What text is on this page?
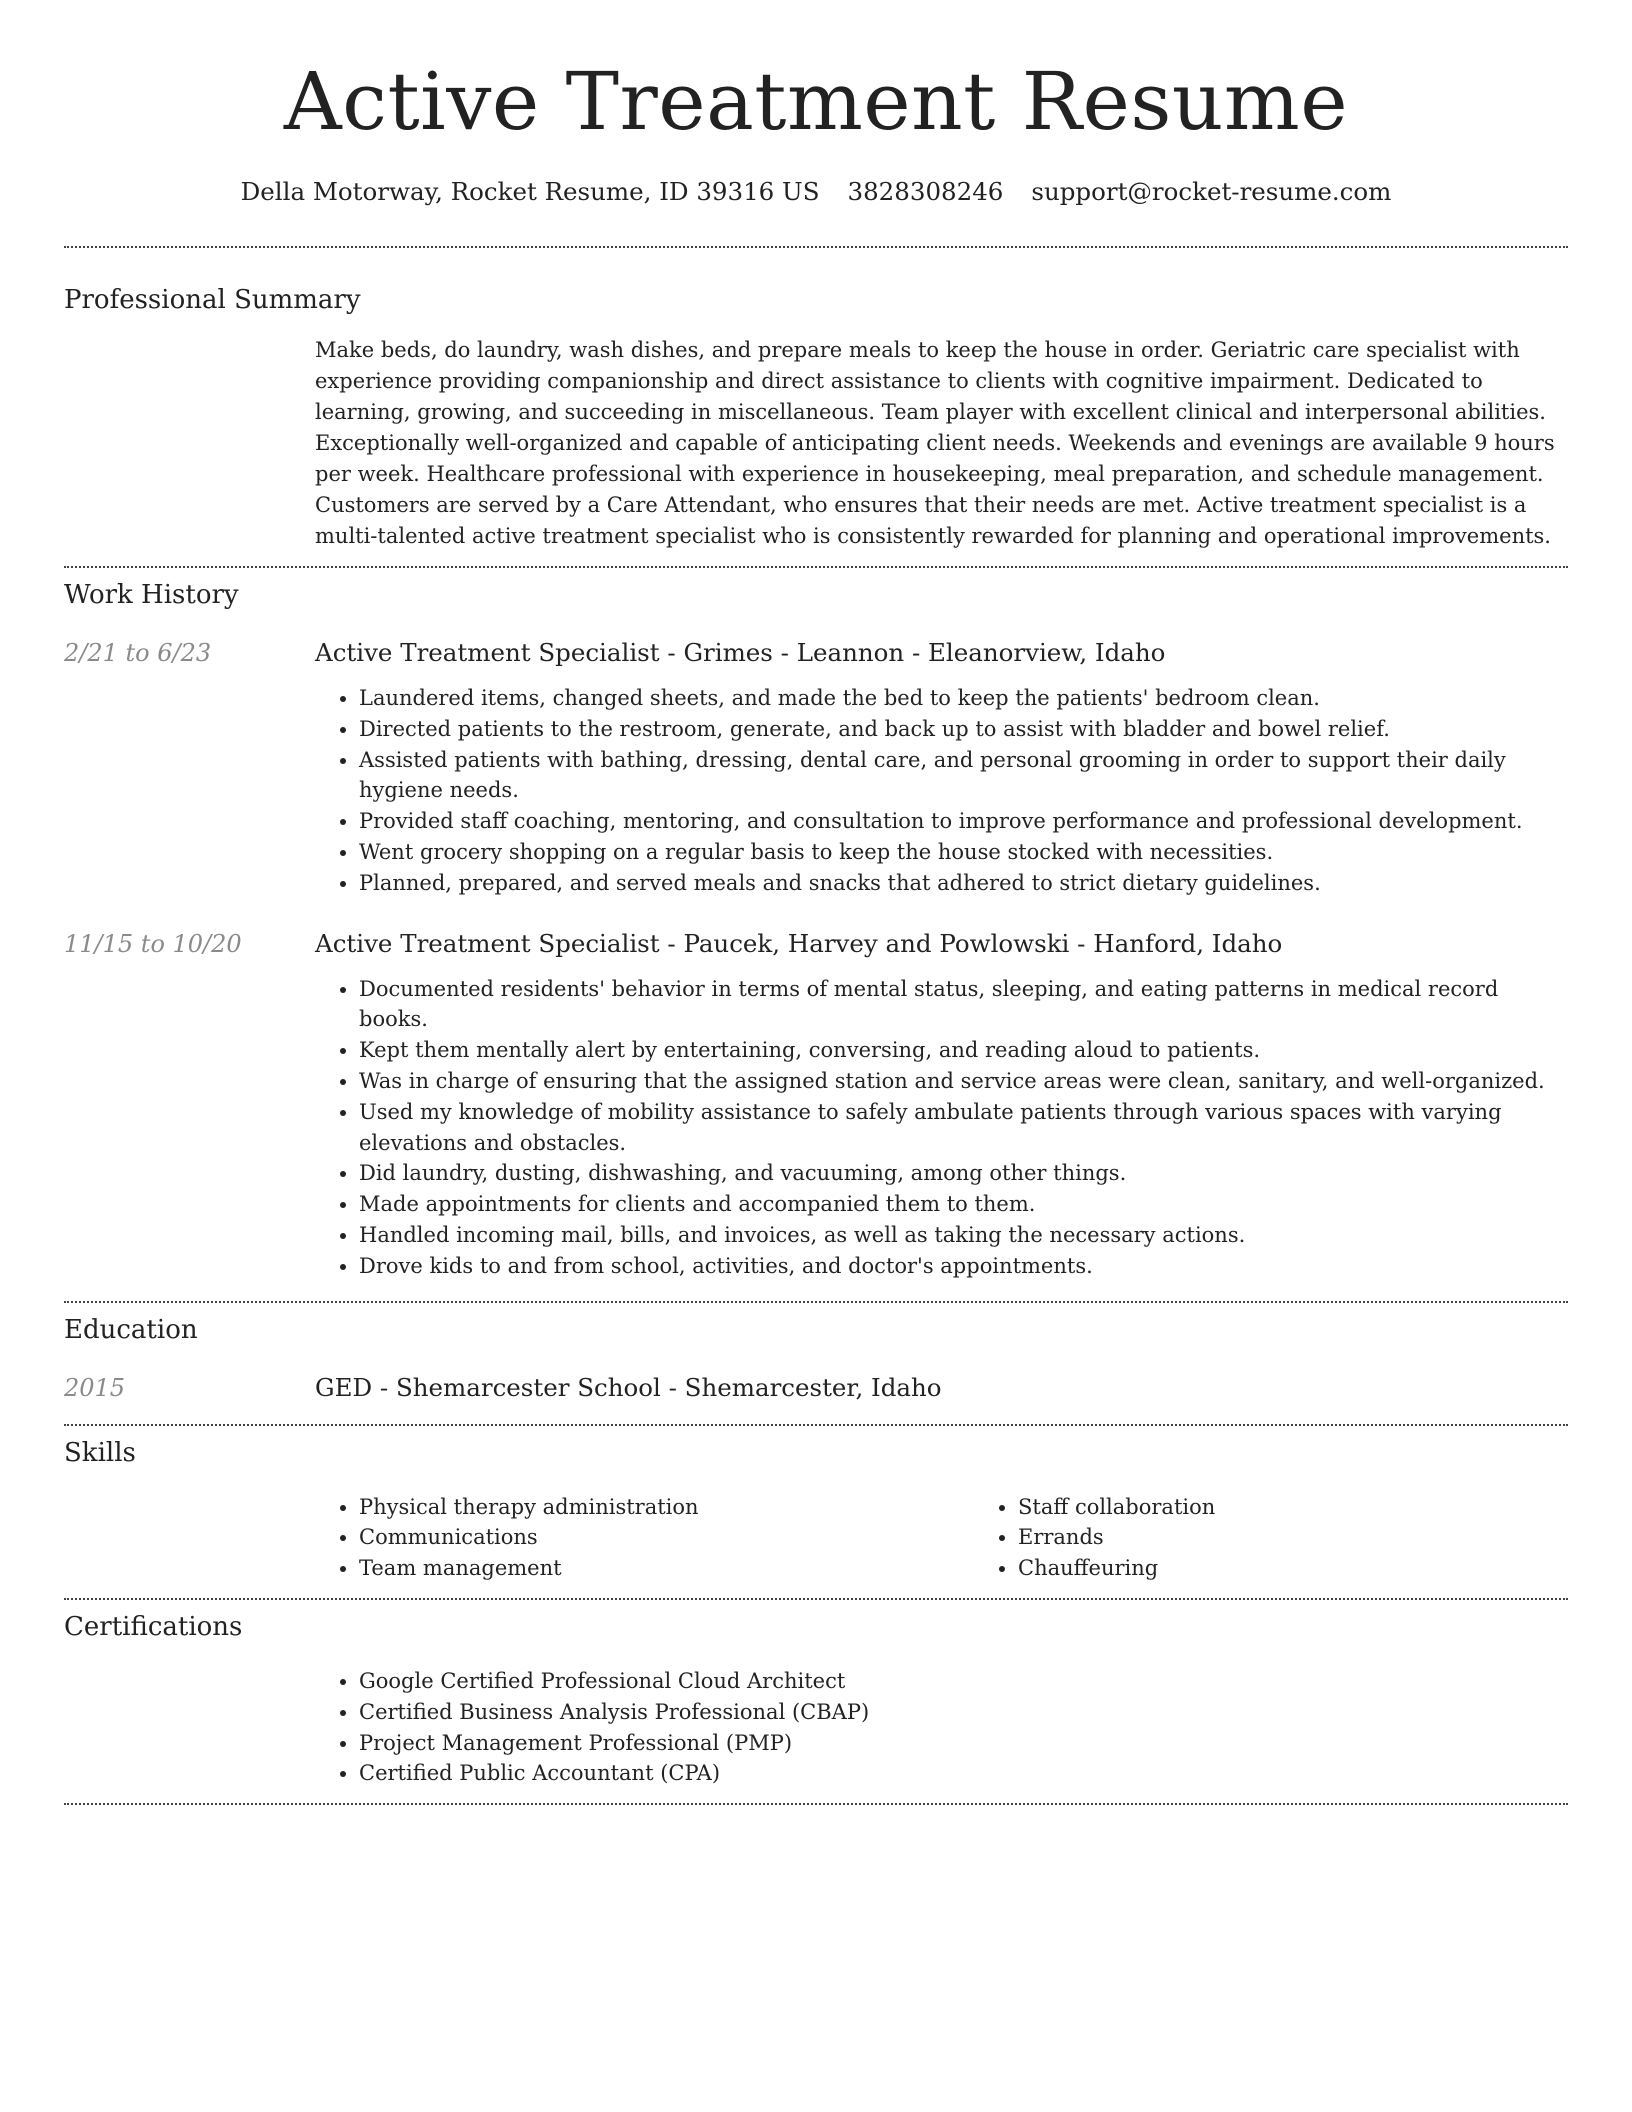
Active Treatment Resume
Della Motorway, Rocket Resume, ID 39316 US 3828308246 support@rocket-resume.com
Professional Summary

Make beds, do laundry, wash dishes, and prepare meals to keep the house in order. Geriatric care specialist with experience providing companionship and direct assistance to clients with cognitive impairment. Dedicated to learning, growing, and succeeding in miscellaneous. Team player with excellent clinical and interpersonal abilities. Exceptionally well-organized and capable of anticipating client needs. Weekends and evenings are available 9 hours per week. Healthcare professional with experience in housekeeping, meal preparation, and schedule management. Customers are served by a Care Attendant, who ensures that their needs are met. Active treatment specialist is a multi-talented active treatment specialist who is consistently rewarded for planning and operational improvements.

Work History
2/21 to 6/23	Active Treatment Specialist - Grimes - Leannon - Eleanorview, Idaho
• Laundered items, changed sheets, and made the bed to keep the patients' bedroom clean.
• Directed patients to the restroom, generate, and back up to assist with bladder and bowel relief.
• Assisted patients with bathing, dressing, dental care, and personal grooming in order to support their daily hygiene needs.
• Provided staff coaching, mentoring, and consultation to improve performance and professional development.
• Went grocery shopping on a regular basis to keep the house stocked with necessities.
• Planned, prepared, and served meals and snacks that adhered to strict dietary guidelines.
11/15 to 10/20	Active Treatment Specialist - Paucek, Harvey and Powlowski - Hanford, Idaho
• Documented residents' behavior in terms of mental status, sleeping, and eating patterns in medical record books.
• Kept them mentally alert by entertaining, conversing, and reading aloud to patients.
• Was in charge of ensuring that the assigned station and service areas were clean, sanitary, and well-organized.
• Used my knowledge of mobility assistance to safely ambulate patients through various spaces with varying elevations and obstacles.
• Did laundry, dusting, dishwashing, and vacuuming, among other things.
• Made appointments for clients and accompanied them to them.
• Handled incoming mail, bills, and invoices, as well as taking the necessary actions.
• Drove kids to and from school, activities, and doctor's appointments.
Education
2015	GED - Shemarcester School - Shemarcester, Idaho
Skills
• Physical therapy administration
• Communications
• Team management
• Staff collaboration
• Errands
• Chauffeuring
Certifications
• Google Certified Professional Cloud Architect
• Certified Business Analysis Professional (CBAP)
• Project Management Professional (PMP)
• Certified Public Accountant (CPA)
